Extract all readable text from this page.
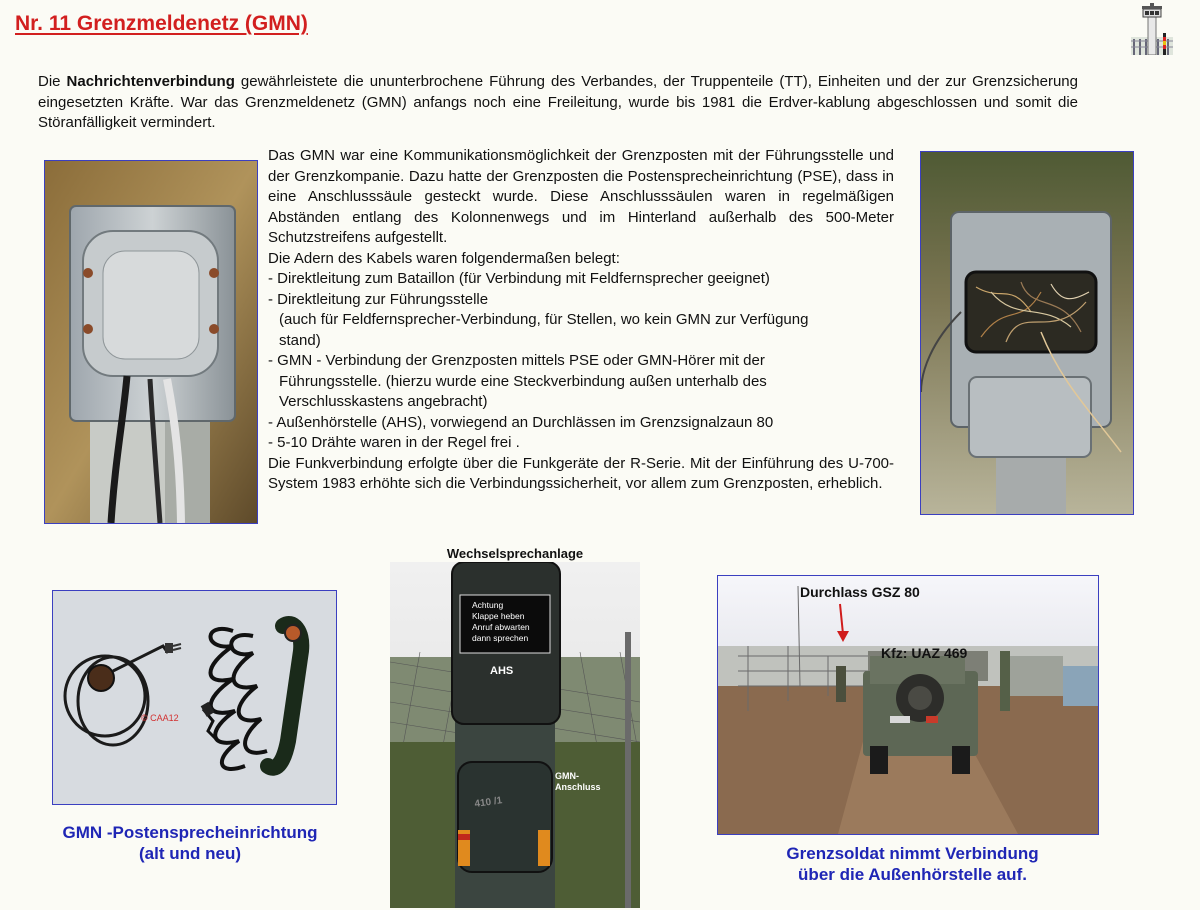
Nr. 11 Grenzmeldenetz (GMN)
Die Nachrichtenverbindung gewährleistete die ununterbrochene Führung des Verbandes, der Truppenteile (TT), Einheiten und der zur Grenzsicherung eingesetzten Kräfte. War das Grenzmeldenetz (GMN) anfangs noch eine Freileitung, wurde bis 1981 die Erdver-kablung abgeschlossen und somit die Störanfälligkeit vermindert.
Das GMN war eine Kommunikationsmöglichkeit der Grenzposten mit der Führungsstelle und der Grenzkompanie. Dazu hatte der Grenzposten die Postensprecheinrichtung (PSE), dass in eine Anschlusssäule gesteckt wurde. Diese Anschlusssäulen waren in regelmäßigen Abständen entlang des Kolonnenwegs und im Hinterland außerhalb des 500-Meter Schutzstreifens aufgestellt.
Die Adern des Kabels waren folgendermaßen belegt:
- Direktleitung zum Bataillon (für Verbindung mit Feldfernsprecher geeignet)
- Direktleitung zur Führungsstelle
(auch für Feldfernsprecher-Verbindung, für Stellen, wo kein GMN zur Verfügung
stand)
- GMN - Verbindung der Grenzposten mittels PSE oder GMN-Hörer mit der
Führungsstelle. (hierzu wurde eine Steckverbindung außen unterhalb des
Verschlusskastens angebracht)
- Außenhörstelle (AHS), vorwiegend an Durchlässen im Grenzsignalzaun 80
- 5-10 Drähte waren in der Regel frei .
Die Funkverbindung erfolgte über die Funkgeräte der R-Serie. Mit der Einführung des U-700-System 1983 erhöhte sich die Verbindungssicherheit, vor allem zum Grenzposten, erheblich.
© CAA12
GMN -Postensprecheinrichtung
(alt und neu)
Wechselsprechanlage
Achtung
Klappe heben
Anruf abwarten
dann sprechen
AHS
410 /1
GMN-
Anschluss
Durchlass GSZ 80
Kfz: UAZ 469
Grenzsoldat nimmt Verbindung
über die Außenhörstelle auf.
